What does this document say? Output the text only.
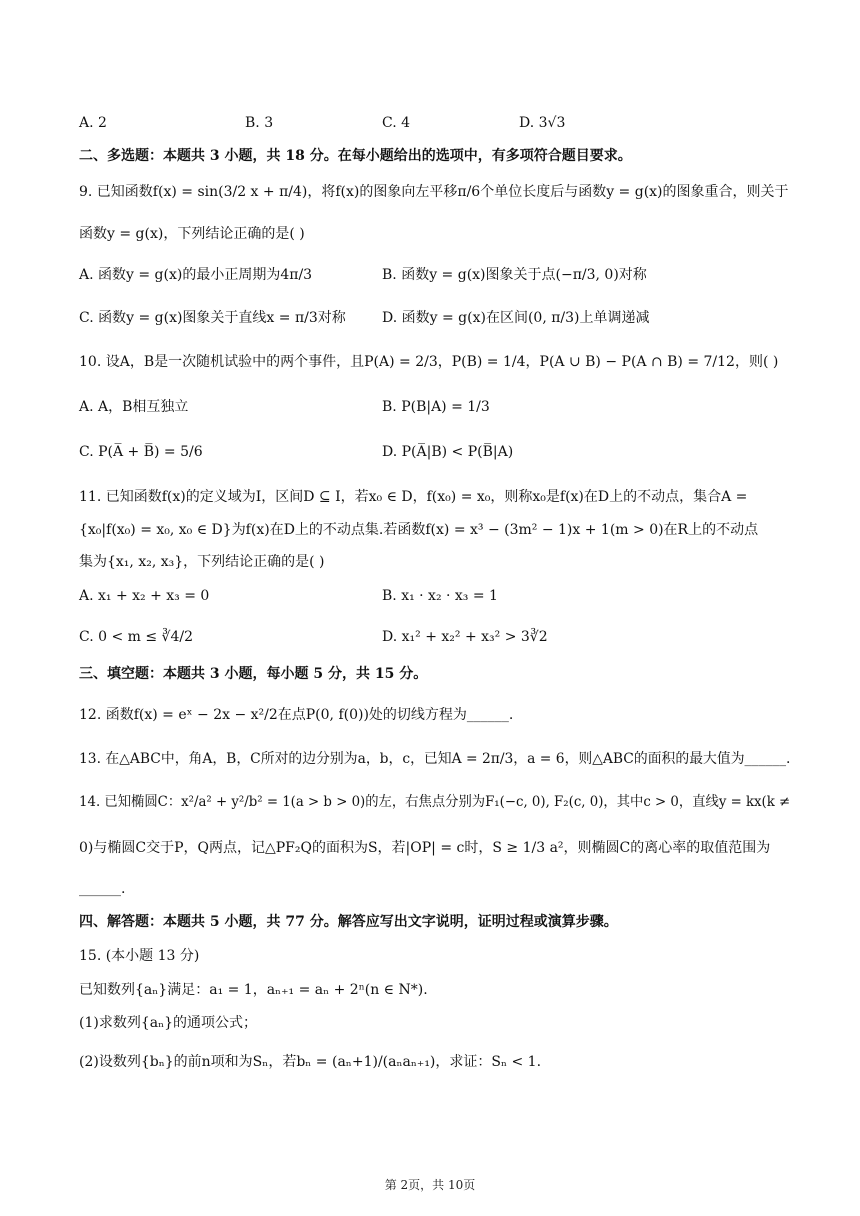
A. 2	B. 3	C. 4	D. 3√3
二、多选题：本题共 3 小题，共 18 分。在每小题给出的选项中，有多项符合题目要求。
9. 已知函数f(x) = sin(3/2 x + π/4)，将f(x)的图象向左平移π/6个单位长度后与函数y = g(x)的图象重合，则关于
函数y = g(x)，下列结论正确的是( )
A. 函数y = g(x)的最小正周期为4π/3	B. 函数y = g(x)图象关于点(−π/3, 0)对称
C. 函数y = g(x)图象关于直线x = π/3对称	D. 函数y = g(x)在区间(0, π/3)上单调递减
10. 设A，B是一次随机试验中的两个事件，且P(A) = 2/3，P(B) = 1/4，P(A ∪ B) − P(A ∩ B) = 7/12，则( )
A. A，B相互独立	B. P(B|A) = 1/3
C. P(A̅ + B̅) = 5/6	D. P(A̅|B) < P(B̅|A)
11. 已知函数f(x)的定义域为I，区间D ⊆ I，若x₀ ∈ D，f(x₀) = x₀，则称x₀是f(x)在D上的不动点，集合A =
{x₀|f(x₀) = x₀, x₀ ∈ D}为f(x)在D上的不动点集.若函数f(x) = x³ − (3m² − 1)x + 1(m > 0)在R上的不动点
集为{x₁, x₂, x₃}，下列结论正确的是( )
A. x₁ + x₂ + x₃ = 0	B. x₁ · x₂ · x₃ = 1
C. 0 < m ≤ ∛4/2	D. x₁² + x₂² + x₃² > 3∛2
三、填空题：本题共 3 小题，每小题 5 分，共 15 分。
12. 函数f(x) = eˣ − 2x − x²/2在点P(0, f(0))处的切线方程为______.
13. 在△ABC中，角A，B，C所对的边分别为a，b，c，已知A = 2π/3，a = 6，则△ABC的面积的最大值为______.
14. 已知椭圆C：x²/a² + y²/b² = 1(a > b > 0)的左，右焦点分别为F₁(−c, 0), F₂(c, 0)，其中c > 0，直线y = kx(k ≠
0)与椭圆C交于P，Q两点，记△PF₂Q的面积为S，若|OP| = c时，S ≥ 1/3 a²，则椭圆C的离心率的取值范围为
______.
四、解答题：本题共 5 小题，共 77 分。解答应写出文字说明，证明过程或演算步骤。
15. (本小题 13 分)
已知数列{aₙ}满足：a₁ = 1，aₙ₊₁ = aₙ + 2ⁿ(n ∈ N*).
(1)求数列{aₙ}的通项公式；
(2)设数列{bₙ}的前n项和为Sₙ，若bₙ = (aₙ+1)/(aₙaₙ₊₁)，求证：Sₙ < 1.
第 2页，共 10页
